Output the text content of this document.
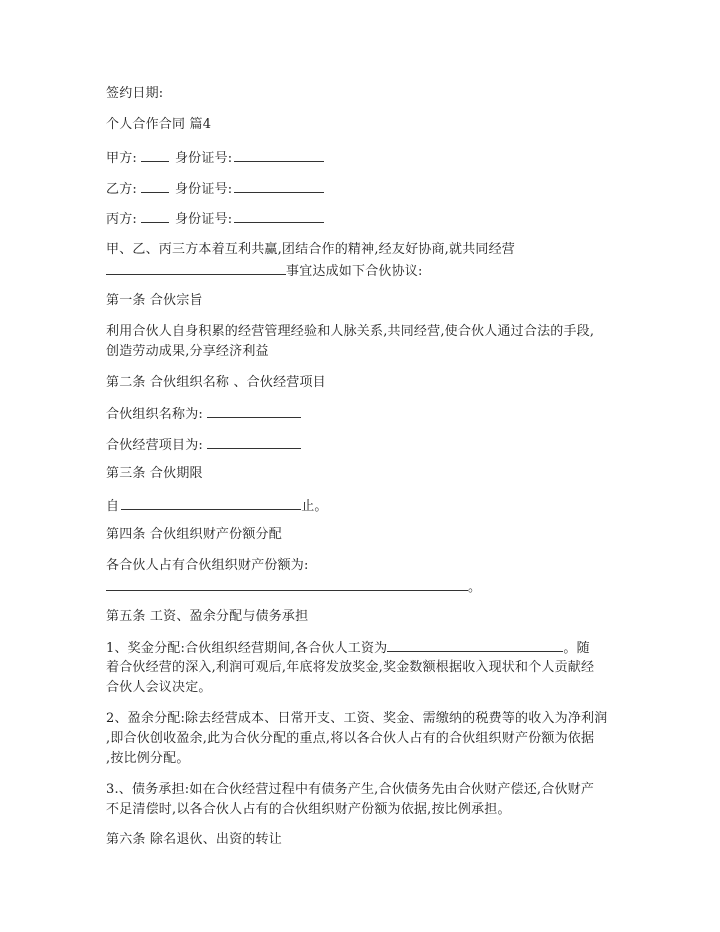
签约日期:
个人合作合同 篇4
甲方:	身份证号:
乙方:	身份证号:
丙方:	身份证号:
甲、乙、丙三方本着互利共赢,团结合作的精神,经友好协商,就共同经营
事宜达成如下合伙协议:
第一条 合伙宗旨
利用合伙人自身积累的经营管理经验和人脉关系,共同经营,使合伙人通过合法的手段,
创造劳动成果,分享经济利益
第二条 合伙组织名称 、合伙经营项目
合伙组织名称为:
合伙经营项目为:
第三条 合伙期限
自	止。
第四条 合伙组织财产份额分配
各合伙人占有合伙组织财产份额为:
。
第五条 工资、盈余分配与债务承担
1、奖金分配:合伙组织经营期间,各合伙人工资为	。随
着合伙经营的深入,利润可观后,年底将发放奖金,奖金数额根据收入现状和个人贡献经
合伙人会议决定。
2、盈余分配:除去经营成本、日常开支、工资、奖金、需缴纳的税费等的收入为净利润
,即合伙创收盈余,此为合伙分配的重点,将以各合伙人占有的合伙组织财产份额为依据
,按比例分配。
3.、债务承担:如在合伙经营过程中有债务产生,合伙债务先由合伙财产偿还,合伙财产
不足清偿时,以各合伙人占有的合伙组织财产份额为依据,按比例承担。
第六条 除名退伙、出资的转让
